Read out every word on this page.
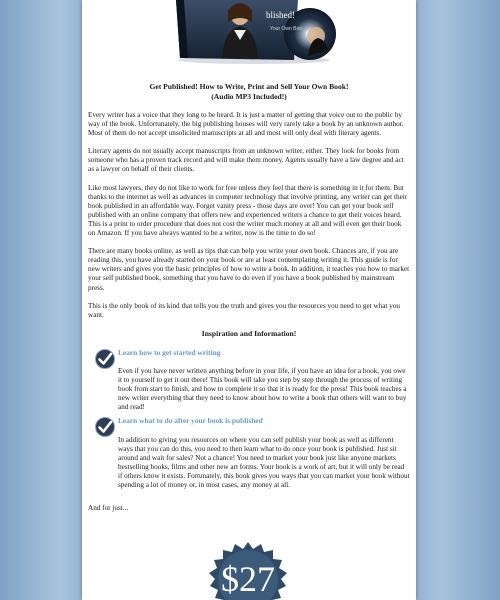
blished!
Your Own Boo
Get Published! How to Write, Print and Sell Your Own Book!
(Audio MP3 Included!)

Every writer has a voice that they long to be heard. It is just a matter of getting that voice out to the public by way of the book. Unfortunately, the big publishing houses will very rarely take a book by an unknown author. Most of them do not accept unsolicited manuscripts at all and most will only deal with literary agents.

Literary agents do not usually accept manuscripts from an unknown writer, either. They look for books from someone who has a proven track record and will make them money. Agents usually have a law degree and act as a lawyer on behalf of their clients.

Like most lawyers, they do not like to work for free unless they feel that there is something in it for them. But thanks to the internet as well as advances in computer technology that involve printing, any writer can get their book published in an affordable way. Forget vanity press - those days are over! You can get your book self published with an online company that offers new and experienced writers a chance to get their voices heard. This is a print to order procedure that does not cost the writer much money at all and will even get their book on Amazon. If you have always wanted to be a writer, now is the time to do so!

There are many books online, as well as tips that can help you write your own book. Chances are, if you are reading this, you have already started on your book or are at least contemplating writing it. This guide is for new writers and gives you the basic principles of how to write a book. In addition, it teaches you how to market your self published book, something that you have to do even if you have a book published by mainstream press.

This is the only book of its kind that tells you the truth and gives you the resources you need to get what you want.

Inspiration and Information!
Learn how to get started writing
Even if you have never written anything before in your life, if you have an idea for a book, you owe it to yourself to get it out there! This book will take you step by step through the process of writing book from start to finish, and how to complete it so that it is ready for the press! This book teaches a new writer everything that they need to know about how to write a book that others will want to buy and read!
Learn what to do after your book is published
In addition to giving you resources on where you can self publish your book as well as different ways that you can do this, you need to then learn what to do once your book is published. Just sit around and wait for sales? Not a chance! You need to market your book just like anyone markets bestselling books, films and other new art forms. Your book is a work of art, but it will only be read if others know it exists. Fortunately, this book gives you ways that you can market your book without spending a lot of money or, in most cases, any money at all.

And for just...

$27
